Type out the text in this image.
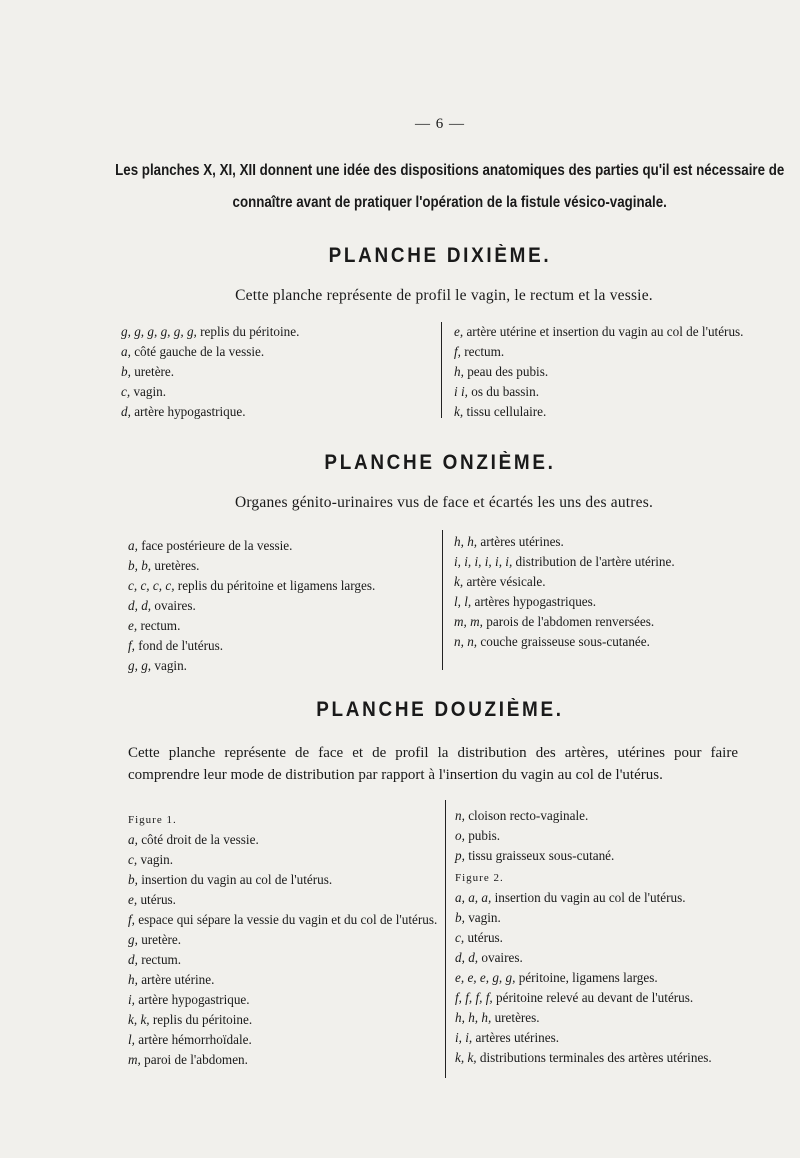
— 6 —
Les planches X, XI, XII donnent une idée des dispositions anatomiques des parties qu'il est nécessaire de connaître avant de pratiquer l'opération de la fistule vésico-vaginale.
PLANCHE DIXIÈME.
Cette planche représente de profil le vagin, le rectum et la vessie.
g, g, g, g, g, g, replis du péritoine.
a, côté gauche de la vessie.
b, uretère.
c, vagin.
d, artère hypogastrique.
e, artère utérine et insertion du vagin au col de l'utérus.
f, rectum.
h, peau des pubis.
i i, os du bassin.
k, tissu cellulaire.
PLANCHE ONZIÈME.
Organes génito-urinaires vus de face et écartés les uns des autres.
a, face postérieure de la vessie.
b, b, uretères.
c, c, c, c, replis du péritoine et ligamens larges.
d, d, ovaires.
e, rectum.
f, fond de l'utérus.
g, g, vagin.
h, h, artères utérines.
i, i, i, i, i, i, distribution de l'artère utérine.
k, artère vésicale.
l, l, artères hypogastriques.
m, m, parois de l'abdomen renversées.
n, n, couche graisseuse sous-cutanée.
PLANCHE DOUZIÈME.
Cette planche représente de face et de profil la distribution des artères, utérines pour faire comprendre leur mode de distribution par rapport à l'insertion du vagin au col de l'utérus.
Figure 1.
a, côté droit de la vessie.
c, vagin.
b, insertion du vagin au col de l'utérus.
e, utérus.
f, espace qui sépare la vessie du vagin et du col de l'utérus.
g, uretère.
d, rectum.
h, artère utérine.
i, artère hypogastrique.
k, k, replis du péritoine.
l, artère hémorrhoïdale.
m, paroi de l'abdomen.
n, cloison recto-vaginale.
o, pubis.
p, tissu graisseux sous-cutané.
Figure 2.
a, a, a, insertion du vagin au col de l'utérus.
b, vagin.
c, utérus.
d, d, ovaires.
e, e, e, g, g, péritoine, ligamens larges.
f, f, f, f, péritoine relevé au devant de l'utérus.
h, h, h, uretères.
i, i, artères utérines.
k, k, distributions terminales des artères utérines.
